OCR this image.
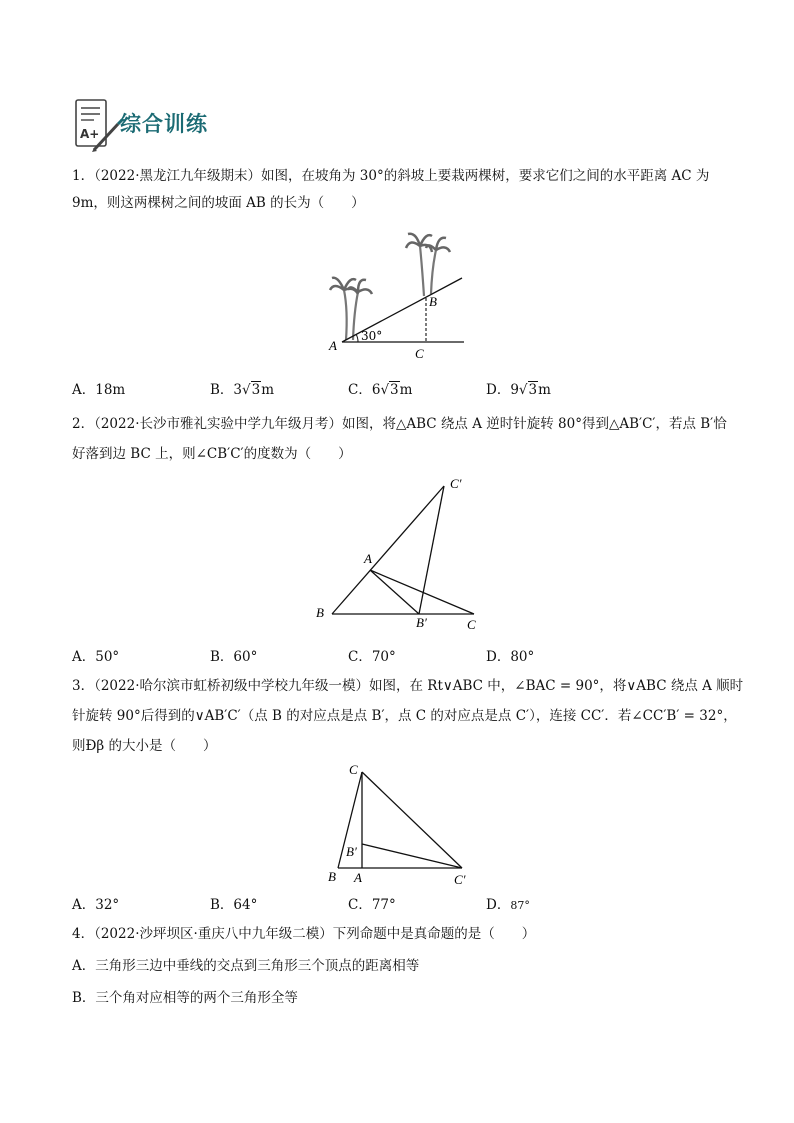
A+ 综合训练
1．（2022·黑龙江九年级期末）如图，在坡角为 30°的斜坡上要栽两棵树，要求它们之间的水平距离 AC 为
9m，则这两棵树之间的坡面 AB 的长为（　　）
A
B
C
30°
A．18m	B．3√3m	C．6√3m	D．9√3m
2．（2022·长沙市雅礼实验中学九年级月考）如图，将△ABC 绕点 A 逆时针旋转 80°得到△AB′C′，若点 B′恰
好落到边 BC 上，则∠CB′C′的度数为（　　）
C′
A
B
B′	C
A．50°	B．60°	C．70°	D．80°
3．（2022·哈尔滨市虹桥初级中学校九年级一模）如图，在 Rt∨ABC 中，∠BAC = 90°，将∨ABC 绕点 A 顺时
针旋转 90°后得到的∨AB′C′（点 B 的对应点是点 B′，点 C 的对应点是点 C′），连接 CC′．若∠CC′B′ = 32°，
则Ðβ 的大小是（　　）
C
B′
B A	C′
A．32°	B．64°	C．77°	D．87°
4．（2022·沙坪坝区·重庆八中九年级二模）下列命题中是真命题的是（　　）
A．三角形三边中垂线的交点到三角形三个顶点的距离相等
B．三个角对应相等的两个三角形全等
